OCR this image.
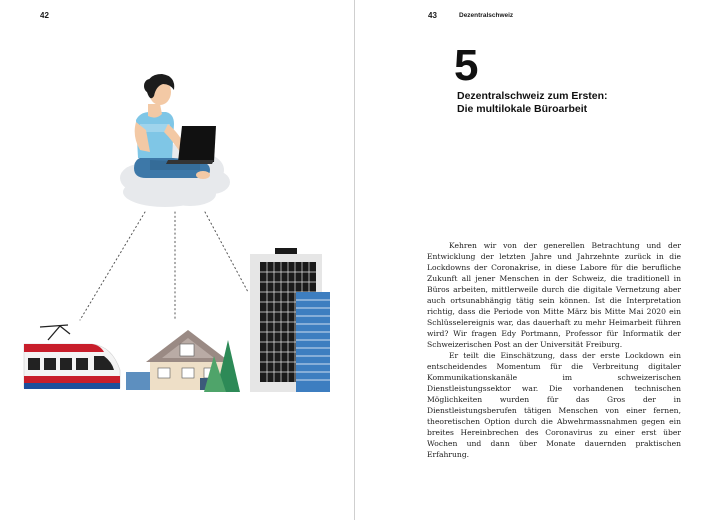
42	43	Dezentralschweiz
5
Dezentralschweiz zum Ersten:
Die multilokale Büroarbeit

Kehren wir von der generellen Betrachtung und der Entwicklung der letzten Jahre und Jahrzehnte zurück in die Lockdowns der Coronakrise, in diese Labore für die berufliche Zukunft all jener Menschen in der Schweiz, die traditionell in Büros arbeiten, mittlerweile durch die digitale Vernetzung aber auch ortsunabhängig tätig sein können. Ist die Interpretation richtig, dass die Periode von Mitte März bis Mitte Mai 2020 ein Schlüsselereignis war, das dauerhaft zu mehr Heimarbeit führen wird? Wir fragen Edy Portmann, Professor für Informatik der Schweizerischen Post an der Universität Freiburg.

Er teilt die Einschätzung, dass der erste Lockdown ein entscheidendes Momentum für die Verbreitung digitaler Kommunikationskanäle im schweizerischen Dienstleistungssektor war. Die vorhandenen technischen Möglichkeiten wurden für das Gros der in Dienstleistungsberufen tätigen Menschen von einer fernen, theoretischen Option durch die Abwehrmassnahmen gegen ein breites Hereinbrechen des Coronavirus zu einer erst über Wochen und dann über Monate dauernden praktischen Erfahrung.
